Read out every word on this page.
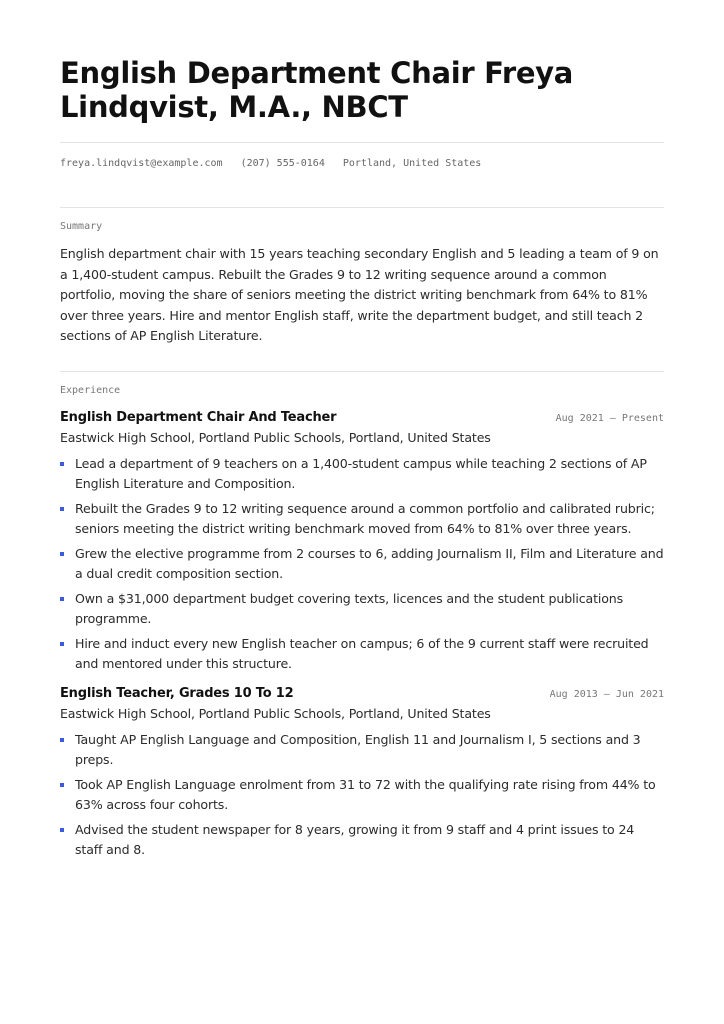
English Department Chair Freya Lindqvist, M.A., NBCT
freya.lindqvist@example.com (207) 555-0164 Portland, United States
Summary

English department chair with 15 years teaching secondary English and 5 leading a team of 9 on a 1,400-student campus. Rebuilt the Grades 9 to 12 writing sequence around a common portfolio, moving the share of seniors meeting the district writing benchmark from 64% to 81% over three years. Hire and mentor English staff, write the department budget, and still teach 2 sections of AP English Literature.

Experience
English Department Chair And Teacher	Aug 2021 — Present
Eastwick High School, Portland Public Schools, Portland, United States
Lead a department of 9 teachers on a 1,400-student campus while teaching 2 sections of AP English Literature and Composition.
Rebuilt the Grades 9 to 12 writing sequence around a common portfolio and calibrated rubric; seniors meeting the district writing benchmark moved from 64% to 81% over three years.
Grew the elective programme from 2 courses to 6, adding Journalism II, Film and Literature and a dual credit composition section.
Own a $31,000 department budget covering texts, licences and the student publications programme.
Hire and induct every new English teacher on campus; 6 of the 9 current staff were recruited and mentored under this structure.
English Teacher, Grades 10 To 12	Aug 2013 — Jun 2021
Eastwick High School, Portland Public Schools, Portland, United States
Taught AP English Language and Composition, English 11 and Journalism I, 5 sections and 3 preps.
Took AP English Language enrolment from 31 to 72 with the qualifying rate rising from 44% to 63% across four cohorts.
Advised the student newspaper for 8 years, growing it from 9 staff and 4 print issues to 24 staff and 8.
